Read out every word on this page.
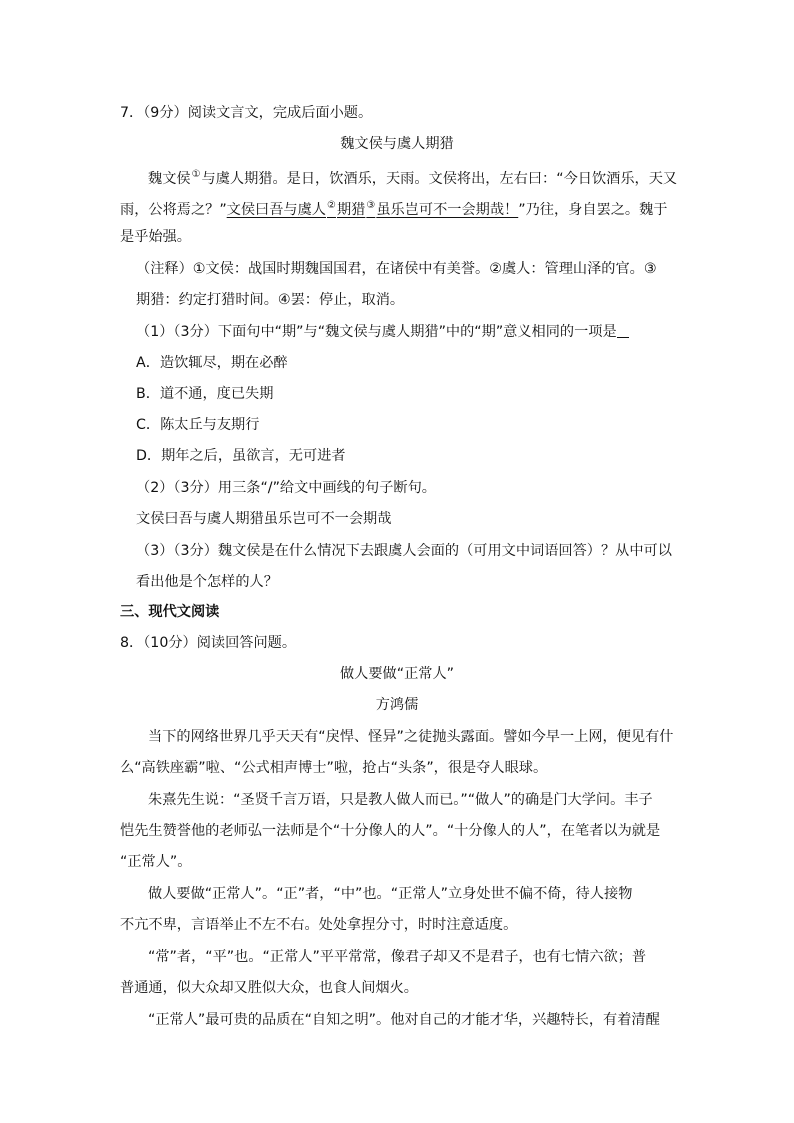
7．（9分）阅读文言文，完成后面小题。
魏文侯与虞人期猎
魏文侯①与虞人期猎。是日，饮酒乐，天雨。文侯将出，左右曰：“今日饮酒乐，天又
雨，公将焉之？”文侯曰吾与虞人②期猎③虽乐岂可不一会期哉！”乃往，身自罢之。魏于
是乎始强。
（注释）①文侯：战国时期魏国国君，在诸侯中有美誉。②虞人：管理山泽的官。③
期猎：约定打猎时间。④罢：停止，取消。
（1）（3分）下面句中“期”与“魏文侯与虞人期猎”中的“期”意义相同的一项是
A．造饮辄尽，期在必醉
B．道不通，度已失期
C．陈太丘与友期行
D．期年之后，虽欲言，无可进者
（2）（3分）用三条“/”给文中画线的句子断句。
文侯曰吾与虞人期猎虽乐岂可不一会期哉
（3）（3分）魏文侯是在什么情况下去跟虞人会面的（可用文中词语回答）？从中可以
看出他是个怎样的人？
三、现代文阅读
8．（10分）阅读回答问题。
做人要做“正常人”
方鸿儒
当下的网络世界几乎天天有“戾悍、怪异”之徒抛头露面。譬如今早一上网，便见有什
么“高铁座霸”啦、“公式相声博士”啦，抢占“头条”，很是夺人眼球。
朱熹先生说：“圣贤千言万语，只是教人做人而已。”“做人”的确是门大学问。丰子
恺先生赞誉他的老师弘一法师是个“十分像人的人”。“十分像人的人”，在笔者以为就是
“正常人”。
做人要做“正常人”。“正”者，“中”也。“正常人”立身处世不偏不倚，待人接物
不亢不卑，言语举止不左不右。处处拿捏分寸，时时注意适度。
“常”者，“平”也。“正常人”平平常常，像君子却又不是君子，也有七情六欲；普
普通通，似大众却又胜似大众，也食人间烟火。
“正常人”最可贵的品质在“自知之明”。他对自己的才能才华，兴趣特长，有着清醒
